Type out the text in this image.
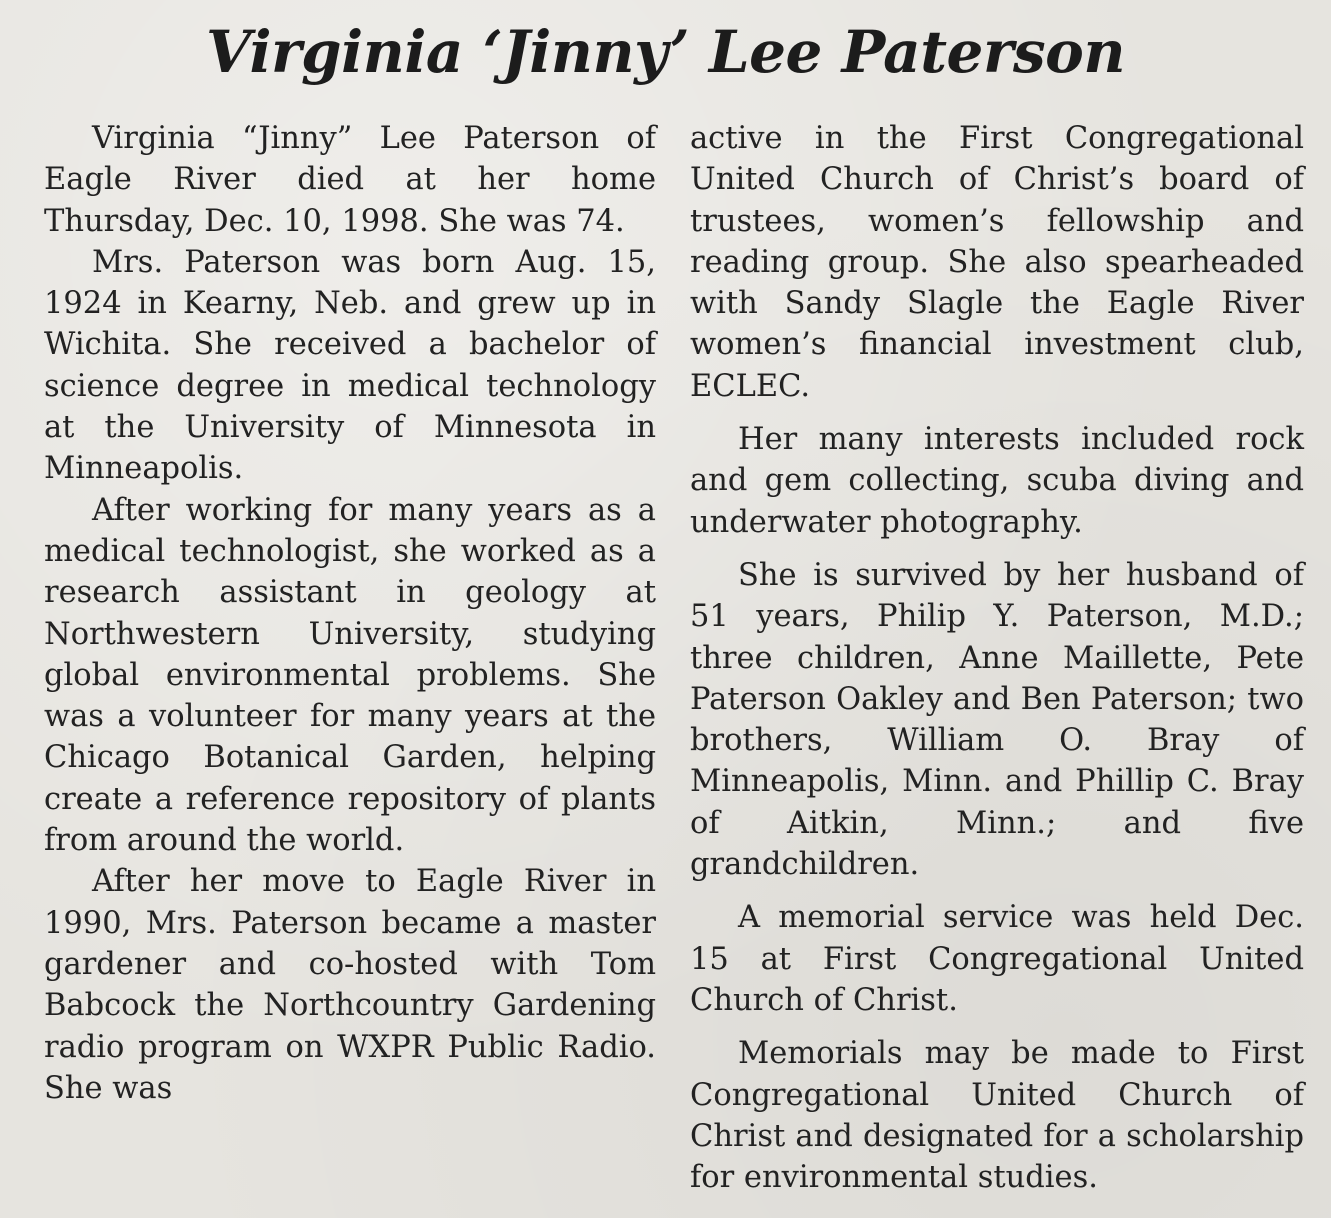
Virginia ‘Jinny’ Lee Paterson

Virginia “Jinny” Lee Paterson of Eagle River died at her home Thursday, Dec. 10, 1998. She was 74.

Mrs. Paterson was born Aug. 15, 1924 in Kearny, Neb. and grew up in Wichita. She received a bachelor of science degree in medical technology at the University of Minnesota in Minneapolis.

After working for many years as a medical technologist, she worked as a research assistant in geology at Northwestern University, studying global environmental problems. She was a volunteer for many years at the Chicago Botanical Garden, helping create a reference repository of plants from around the world.

After her move to Eagle River in 1990, Mrs. Paterson became a master gardener and co-hosted with Tom Babcock the Northcountry Gardening radio program on WXPR Public Radio. She was

active in the First Congregational United Church of Christ’s board of trustees, women’s fellowship and reading group. She also spearheaded with Sandy Slagle the Eagle River women’s financial investment club, ECLEC.

Her many interests included rock and gem collecting, scuba diving and underwater photography.

She is survived by her husband of 51 years, Philip Y. Paterson, M.D.; three children, Anne Maillette, Pete Paterson Oakley and Ben Paterson; two brothers, William O. Bray of Minneapolis, Minn. and Phillip C. Bray of Aitkin, Minn.; and five grandchildren.

A memorial service was held Dec. 15 at First Congregational United Church of Christ.

Memorials may be made to First Congregational United Church of Christ and designated for a scholarship for environmental studies.
